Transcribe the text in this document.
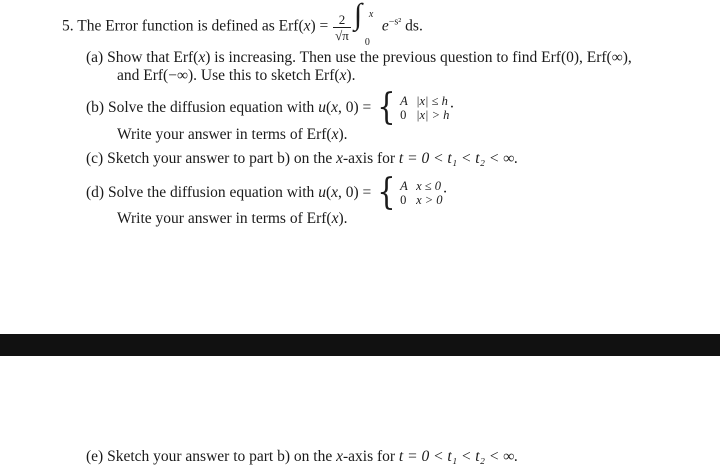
5. The Error function is defined as $Erf(x) = \frac{2}{√\pi}$ ∫ x
0
$e^{-s^2}$ ds.
(a) Show that Erf(x) is increasing. Then use the previous question to find Erf(0), Erf(∞),
and Erf(−∞). Use this to sketch Erf(x).
(b) Solve the diffusion equation with u(x, 0) = { A |x| ≤ h
0 |x| > h ·
Write your answer in terms of Erf(x).
(c) Sketch your answer to part b) on the x-axis for t = 0 < t₁ < t₂ < ∞.
(d) Solve the diffusion equation with u(x, 0) = { A x ≤ 0
0 x > 0 ·
Write your answer in terms of Erf(x).
(e) Sketch your answer to part b) on the x-axis for t = 0 < t₁ < t₂ < ∞.
